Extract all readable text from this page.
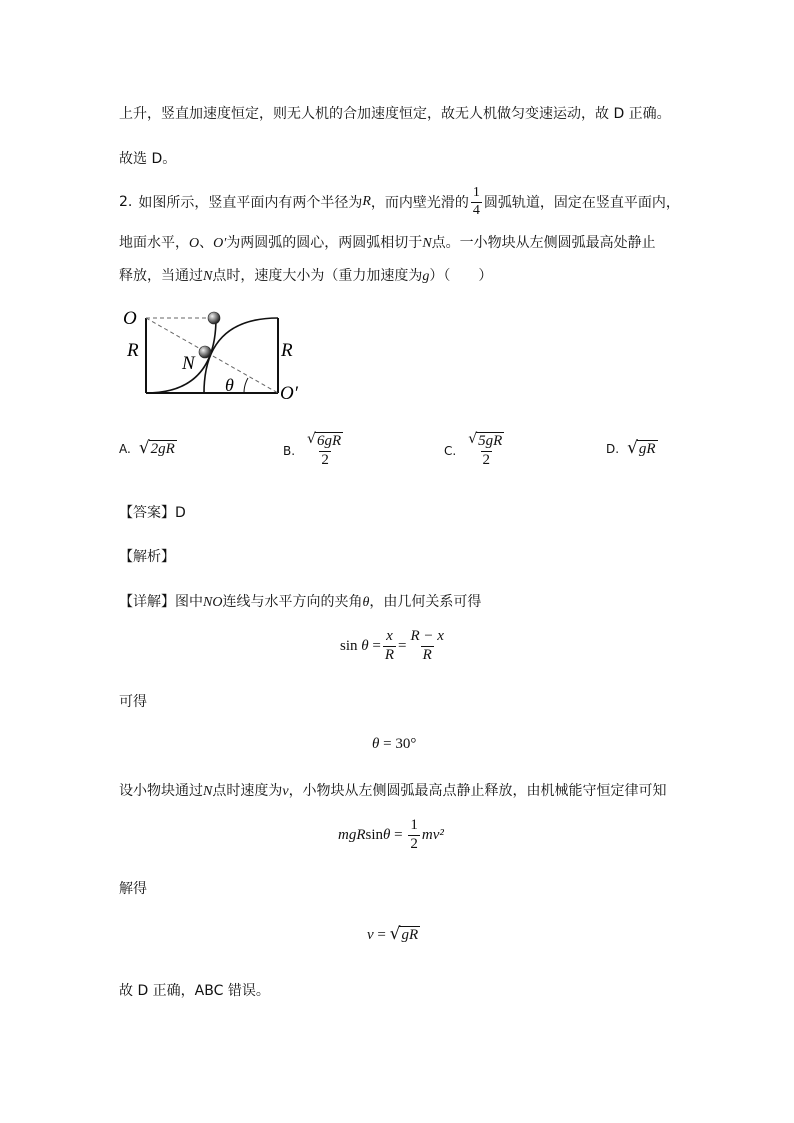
上升，竖直加速度恒定，则无人机的合加速度恒定，故无人机做匀变速运动，故 D 正确。
故选 D。
2. 如图所示，竖直平面内有两个半径为 R ，而内壁光滑的 $\frac{1}{4}$ 圆弧轨道，固定在竖直平面内，
地面水平，O、O′为两圆弧的圆心，两圆弧相切于N点。一小物块从左侧圆弧最高处静止
释放，当通过N点时，速度大小为（重力加速度为g）（　　）
O
R
N
R
θ O′
A. √ 2gR	B. $\frac{√ 6gR}{2}$	C. $\frac{√ 5gR}{2}$	D. √ gR
【答案】D
【解析】
【详解】图中NO连线与水平方向的夹角θ，由几何关系可得
sin
θ
= $\frac{x}{R} = \frac{R - x}{R}$
可得
θ = 30°
设小物块通过N点时速度为v，小物块从左侧圆弧最高点静止释放，由机械能守恒定律可知
mgR $\sin \theta = \frac{1}{2} mv^2$
解得
v = √ gR
故 D 正确，ABC 错误。
